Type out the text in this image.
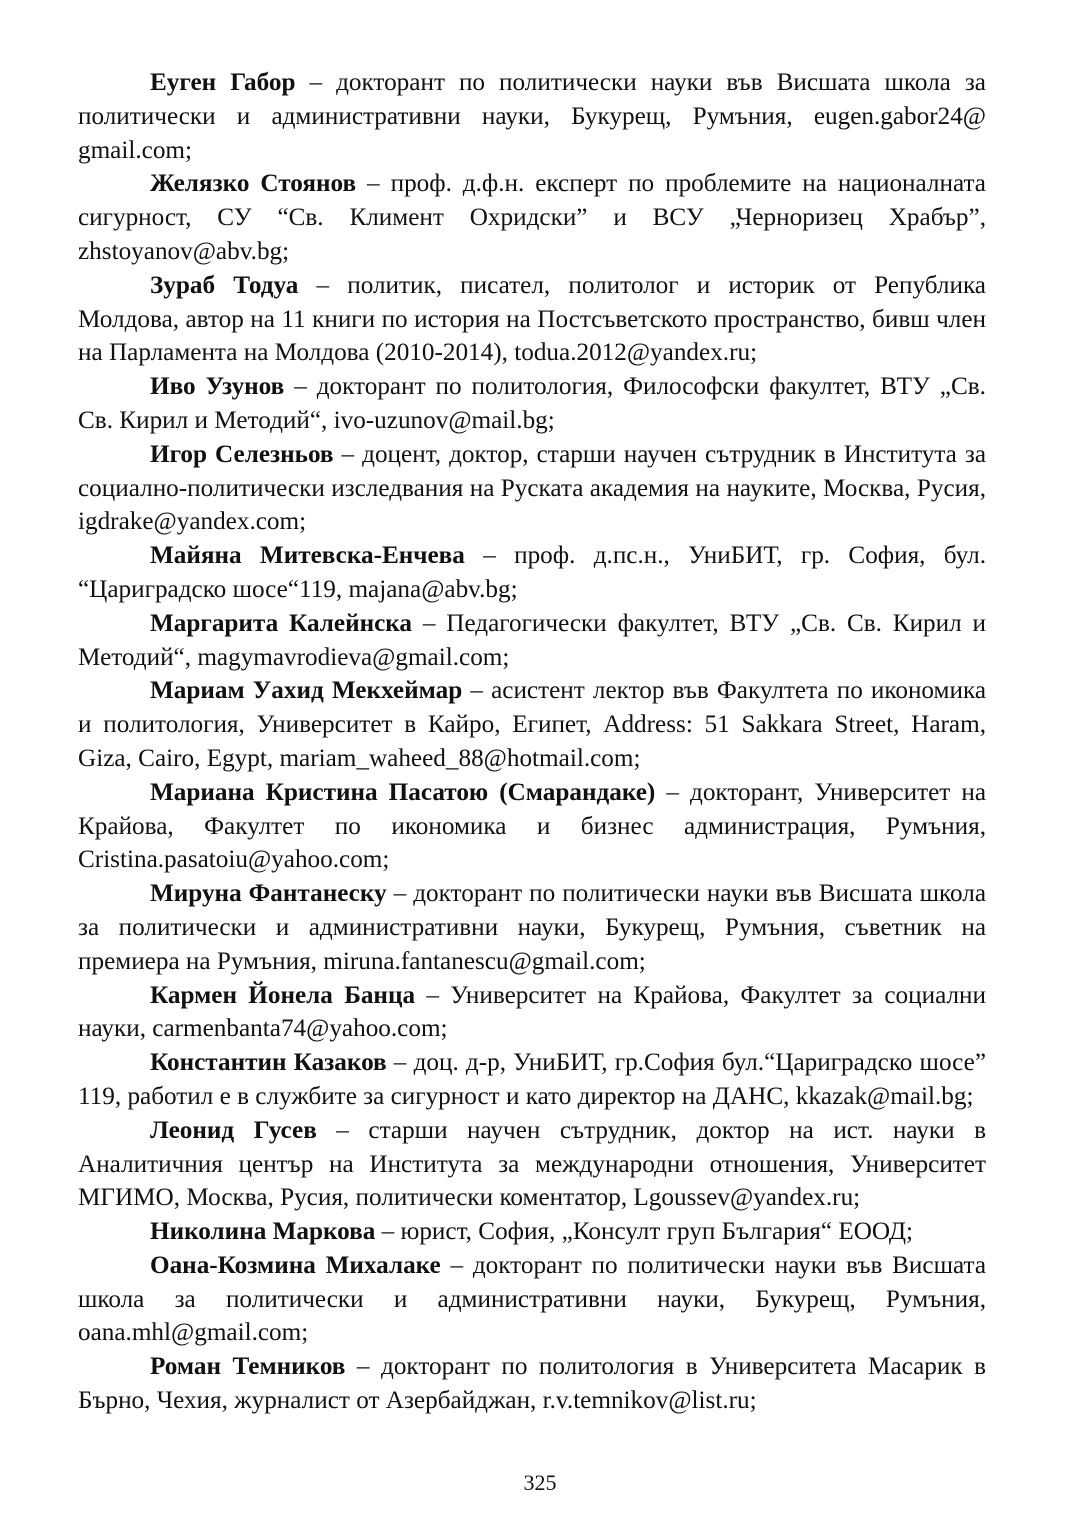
Еуген Габор – докторант по политически науки във Висшата школа за политически и административни науки, Букурещ, Румъния, eugen.gabor24@​gmail.com;

Желязко Стоянов – проф. д.ф.н. експерт по проблемите на националната сигурност, СУ “Св. Климент Охридски” и ВСУ „Черноризец Храбър”, zhstoyanov@abv.bg;

Зураб Тодуа – политик, писател, политолог и историк от Република Молдова, автор на 11 книги по история на Постсъветското пространство, бивш член на Парламента на Молдова (2010-2014), todua.2012@yandex.ru;

Иво Узунов – докторант по политология, Философски факултет, ВТУ „Св. Св. Кирил и Методий“, ivo-uzunov@mail.bg;

Игор Селезньов – доцент, доктор, старши научен сътрудник в Института за социално-политически изследвания на Руската академия на науките, Москва, Русия, igdrake@yandex.com;

Майяна Митевска-Енчева – проф. д.пс.н., УниБИТ, гр. София, бул. “Цариградско шосе“119, majana@abv.bg;

Маргарита Калейнска – Педагогически факултет, ВТУ „Св. Св. Кирил и Методий“, magymavrodieva@gmail.com;

Мариам Уахид Мекхеймар – асистент лектор във Факултета по икономика и политология, Университет в Кайро, Египет, Address: 51 Sakkara Street, Haram, Giza, Cairo, Egypt, mariam_waheed_88@hotmail.com;

Мариана Кристина Пасатою (Смарандаке) – докторант, Университет на Крайова, Факултет по икономика и бизнес администрация, Румъния, Cristina.pasatoiu@yahoo.com;

Мируна Фантанеску – докторант по политически науки във Висшата школа за политически и административни науки, Букурещ, Румъния, съветник на премиера на Румъния, miruna.fantanescu@gmail.com;

Кармен Йонела Банца – Университет на Крайова, Факултет за социални науки, carmenbanta74@yahoo.com;

Константин Казаков – доц. д-р, УниБИТ, гр.София бул.“Цариградско шосе” 119, работил е в службите за сигурност и като директор на ДАНС, kkazak@mail.bg;

Леонид Гусев – старши научен сътрудник, доктор на ист. науки в Аналитичния център на Института за международни отношения, Университет МГИМО, Москва, Русия, политически коментатор, Lgoussev@yandex.ru;

Николина Маркова – юрист, София, „Консулт груп България“ ЕООД;

Оана-Козмина Михалаке – докторант по политически науки във Висшата школа за политически и административни науки, Букурещ, Румъния, oana.mhl@gmail.com;

Роман Темников – докторант по политология в Университета Масарик в Бърно, Чехия, журналист от Азербайджан, r.v.temnikov@list.ru;

325
